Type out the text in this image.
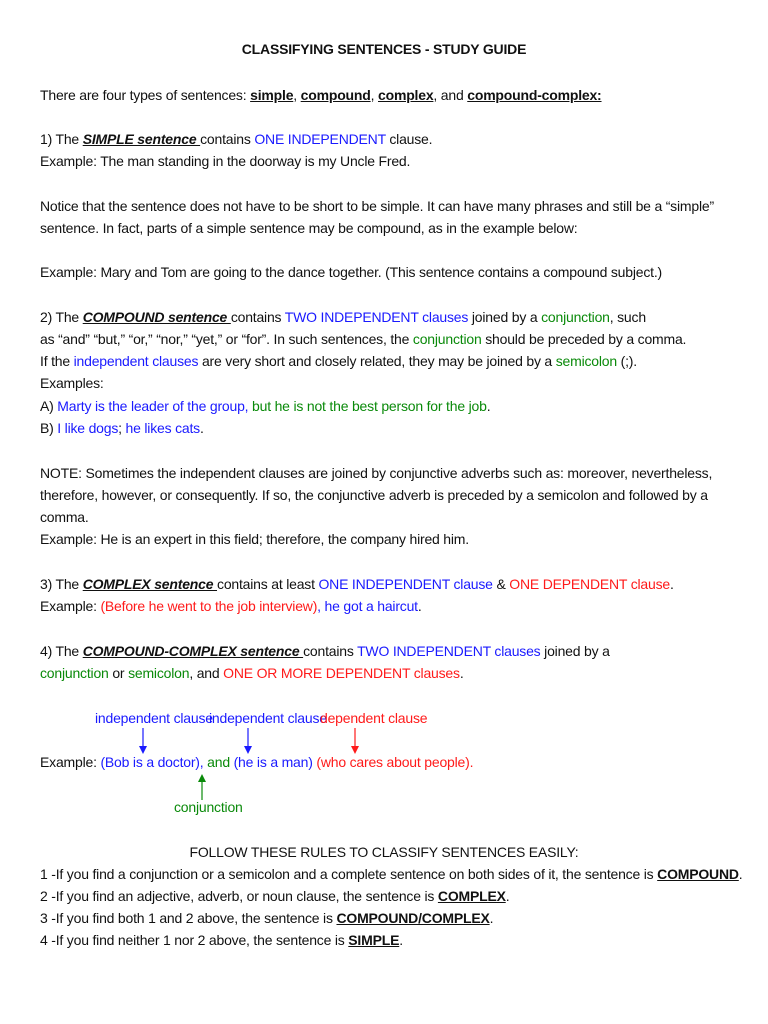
CLASSIFYING SENTENCES - STUDY GUIDE
There are four types of sentences: simple, compound, complex, and compound-complex:
1) The SIMPLE sentence contains ONE INDEPENDENT clause.
Example: The man standing in the doorway is my Uncle Fred.
Notice that the sentence does not have to be short to be simple. It can have many phrases and still be a “simple”
sentence. In fact, parts of a simple sentence may be compound, as in the example below:
Example: Mary and Tom are going to the dance together. (This sentence contains a compound subject.)
2) The COMPOUND sentence contains TWO INDEPENDENT clauses joined by a conjunction, such
as “and” “but,” “or,” “nor,” “yet,” or “for”. In such sentences, the conjunction should be preceded by a comma.
If the independent clauses are very short and closely related, they may be joined by a semicolon (;).
Examples:
A) Marty is the leader of the group, but he is not the best person for the job.
B) I like dogs; he likes cats.
NOTE: Sometimes the independent clauses are joined by conjunctive adverbs such as: moreover, nevertheless,
therefore, however, or consequently. If so, the conjunctive adverb is preceded by a semicolon and followed by a
comma.
Example: He is an expert in this field; therefore, the company hired him.
3) The COMPLEX sentence contains at least ONE INDEPENDENT clause & ONE DEPENDENT clause.
Example: (Before he went to the job interview), he got a haircut.
4) The COMPOUND-COMPLEX sentence contains TWO INDEPENDENT clauses joined by a
conjunction or semicolon, and ONE OR MORE DEPENDENT clauses.
independent clause
independent clause
dependent clause
Example: (Bob is a doctor), and (he is a man) (who cares about people).
conjunction
FOLLOW THESE RULES TO CLASSIFY SENTENCES EASILY:
1 -If you find a conjunction or a semicolon and a complete sentence on both sides of it, the sentence is COMPOUND.
2 -If you find an adjective, adverb, or noun clause, the sentence is COMPLEX.
3 -If you find both 1 and 2 above, the sentence is COMPOUND/COMPLEX.
4 -If you find neither 1 nor 2 above, the sentence is SIMPLE.
